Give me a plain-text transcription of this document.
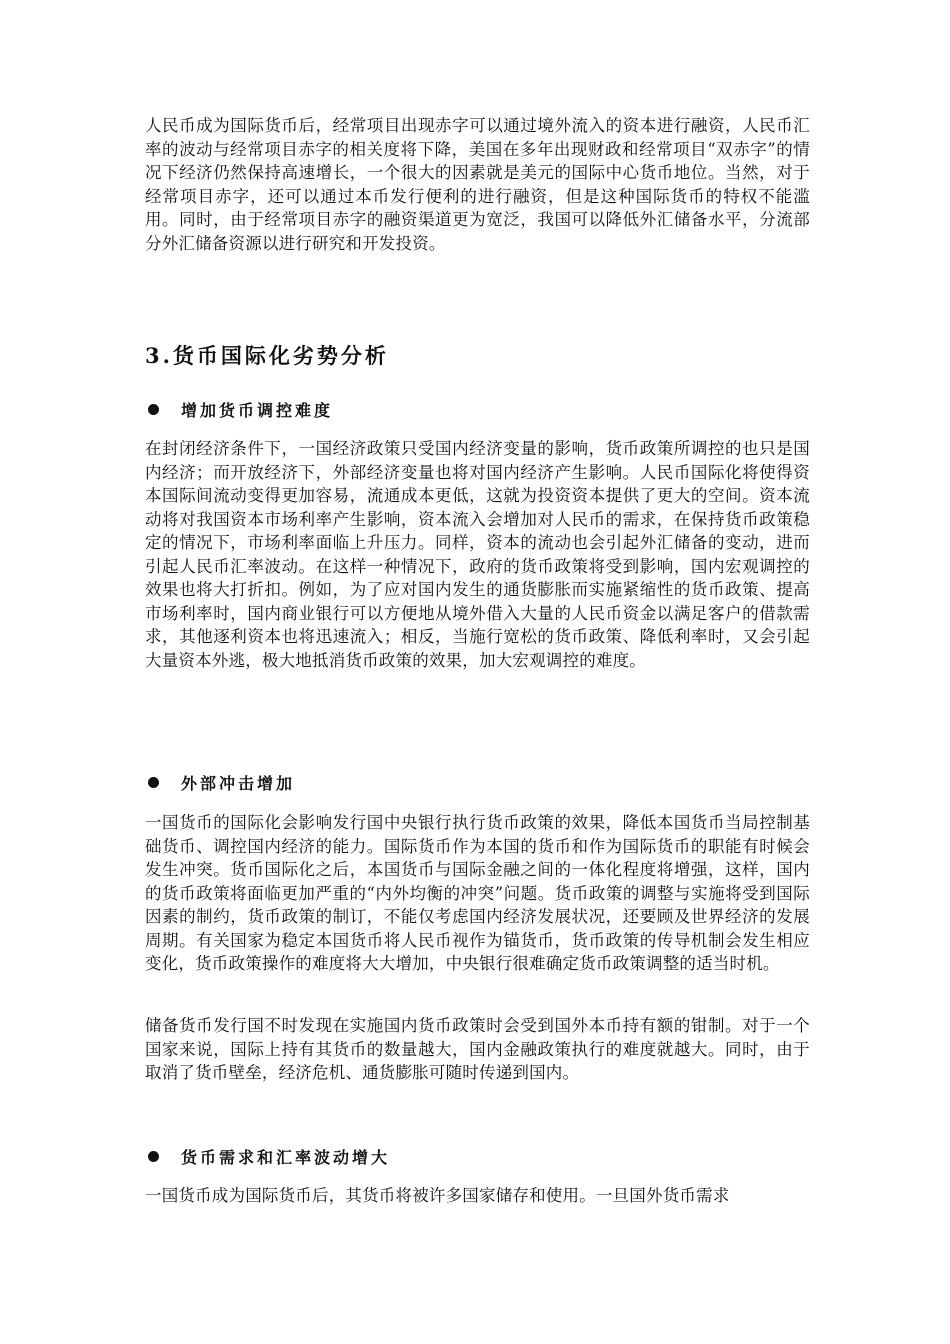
人民币成为国际货币后，经常项目出现赤字可以通过境外流入的资本进行融资，人民币汇率的波动与经常项目赤字的相关度将下降，美国在多年出现财政和经常项目“双赤字”的情况下经济仍然保持高速增长，一个很大的因素就是美元的国际中心货币地位。当然，对于经常项目赤字，还可以通过本币发行便利的进行融资，但是这种国际货币的特权不能滥用。同时，由于经常项目赤字的融资渠道更为宽泛，我国可以降低外汇储备水平，分流部分外汇储备资源以进行研究和开发投资。

3.货币国际化劣势分析
增加货币调控难度

在封闭经济条件下，一国经济政策只受国内经济变量的影响，货币政策所调控的也只是国内经济；而开放经济下，外部经济变量也将对国内经济产生影响。人民币国际化将使得资本国际间流动变得更加容易，流通成本更低，这就为投资资本提供了更大的空间。资本流动将对我国资本市场利率产生影响，资本流入会增加对人民币的需求，在保持货币政策稳定的情况下，市场利率面临上升压力。同样，资本的流动也会引起外汇储备的变动，进而引起人民币汇率波动。在这样一种情况下，政府的货币政策将受到影响，国内宏观调控的效果也将大打折扣。例如，为了应对国内发生的通货膨胀而实施紧缩性的货币政策、提高市场利率时，国内商业银行可以方便地从境外借入大量的人民币资金以满足客户的借款需求，其他逐利资本也将迅速流入；相反，当施行宽松的货币政策、降低利率时，又会引起大量资本外逃，极大地抵消货币政策的效果，加大宏观调控的难度。

外部冲击增加

一国货币的国际化会影响发行国中央银行执行货币政策的效果，降低本国货币当局控制基础货币、调控国内经济的能力。国际货币作为本国的货币和作为国际货币的职能有时候会发生冲突。货币国际化之后，本国货币与国际金融之间的一体化程度将增强，这样，国内的货币政策将面临更加严重的“内外均衡的冲突”问题。货币政策的调整与实施将受到国际因素的制约，货币政策的制订，不能仅考虑国内经济发展状况，还要顾及世界经济的发展周期。有关国家为稳定本国货币将人民币视作为锚货币，货币政策的传导机制会发生相应变化，货币政策操作的难度将大大增加，中央银行很难确定货币政策调整的适当时机。

储备货币发行国不时发现在实施国内货币政策时会受到国外本币持有额的钳制。对于一个国家来说，国际上持有其货币的数量越大，国内金融政策执行的难度就越大。同时，由于取消了货币壁垒，经济危机、通货膨胀可随时传递到国内。

货币需求和汇率波动增大

一国货币成为国际货币后，其货币将被许多国家储存和使用。一旦国外货币需求
